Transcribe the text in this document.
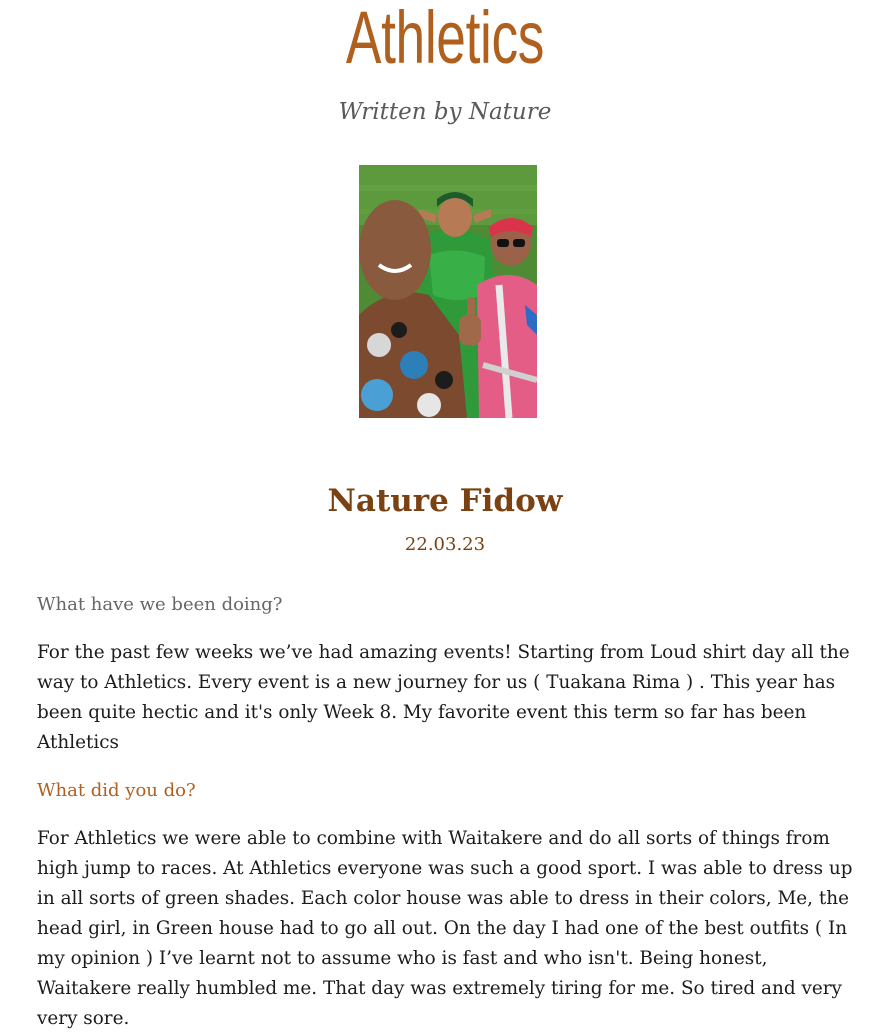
Athletics

Written by Nature

Nature Fidow

22.03.23

What have we been doing?

For the past few weeks we’ve had amazing events! Starting from Loud shirt day all the way to Athletics. Every event is a new journey for us ( Tuakana Rima ) . This year has been quite hectic and it's only Week 8. My favorite event this term so far has been Athletics

What did you do?

For Athletics we were able to combine with Waitakere and do all sorts of things from high jump to races. At Athletics everyone was such a good sport. I was able to dress up in all sorts of green shades. Each color house was able to dress in their colors, Me, the head girl, in Green house had to go all out. On the day I had one of the best outfits ( In my opinion ) I’ve learnt not to assume who is fast and who isn't. Being honest, Waitakere really humbled me. That day was extremely tiring for me. So tired and very very sore.
